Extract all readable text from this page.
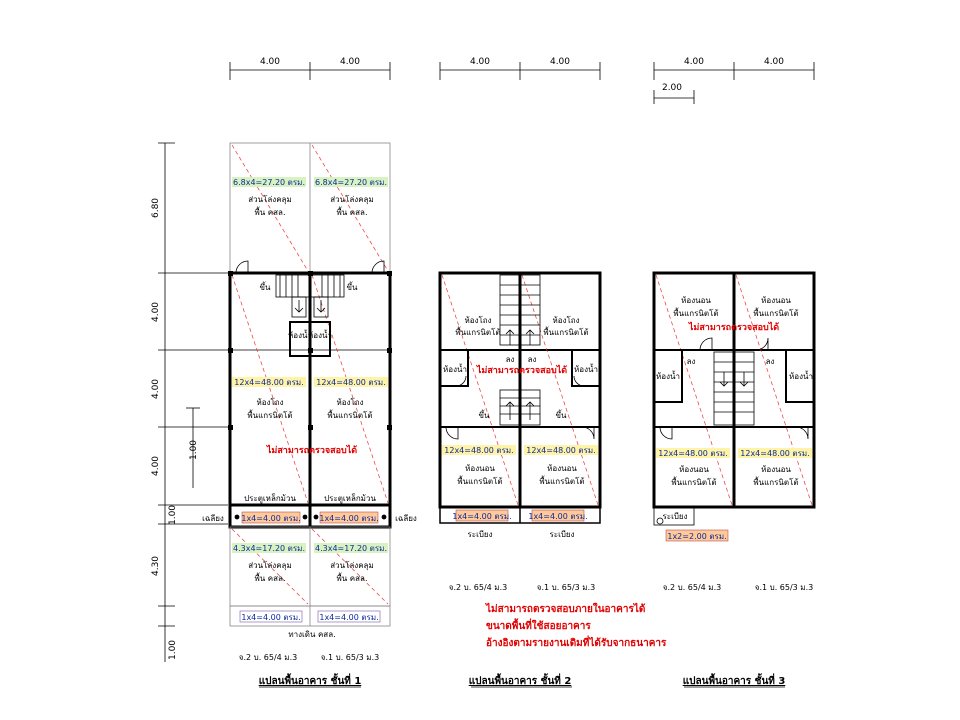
4.00	4.00	4.00	4.00	4.00	4.00
2.00
6.80
4.00
4.00
4.00
1.00
4.30
1.00
1.00
6.8x4=27.20 ตรม. 6.8x4=27.20 ตรม.
ส่วนโล่งคลุม
พื้น คสล.
ส่วนโล่งคลุม
พื้น คสล.
ขึ้น	ขึ้น
ห้องน้ำ
ห้องน้ำ
12x4=48.00 ตรม. 12x4=48.00 ตรม.
ห้องโถง
พื้นแกรนิตโต้
ห้องโถง
พื้นแกรนิตโต้
ไม่สามารถตรวจสอบได้
ประตูเหล็กม้วน	ประตูเหล็กม้วน
เฉลียง	เฉลียง
1x4=4.00 ตรม. 1x4=4.00 ตรม.
4.3x4=17.20 ตรม. 4.3x4=17.20 ตรม.
ส่วนโล่งคลุม
พื้น คสล.
ส่วนโล่งคลุม
พื้น คสล.
1x4=4.00 ตรม. 1x4=4.00 ตรม.
ทางเดิน คสล.
จ.2 บ. 65/4 ม.3	จ.1 บ. 65/3 ม.3
แปลนพื้นอาคาร ชั้นที่ 1
ห้องโถง
พื้นแกรนิตโต้
ห้องโถง
พื้นแกรนิตโต้
ลง ลง
ห้องน้ำ	ห้องน้ำ
ไม่สามารถตรวจสอบได้
ขึ้น	ขึ้น
12x4=48.00 ตรม. 12x4=48.00 ตรม.
ห้องนอน
พื้นแกรนิตโต้
ห้องนอน
พื้นแกรนิตโต้
1x4=4.00 ตรม. 1x4=4.00 ตรม.
ระเบียง	ระเบียง
จ.2 บ. 65/4 ม.3	จ.1 บ. 65/3 ม.3
แปลนพื้นอาคาร ชั้นที่ 2
ไม่สามารถตรวจสอบภายในอาคารได้
ขนาดพื้นที่ใช้สอยอาคาร
อ้างอิงตามรายงานเดิมที่ได้รับจากธนาคาร
ห้องนอน
พื้นแกรนิตโต้
ห้องนอน
พื้นแกรนิตโต้
ไม่สามารถตรวจสอบได้
ลง	ลง
ห้องน้ำ	ห้องน้ำ
12x4=48.00 ตรม. 12x4=48.00 ตรม.
ห้องนอน
พื้นแกรนิตโต้
ห้องนอน
พื้นแกรนิตโต้
ระเบียง
1x2=2.00 ตรม.
จ.2 บ. 65/4 ม.3	จ.1 บ. 65/3 ม.3
แปลนพื้นอาคาร ชั้นที่ 3
